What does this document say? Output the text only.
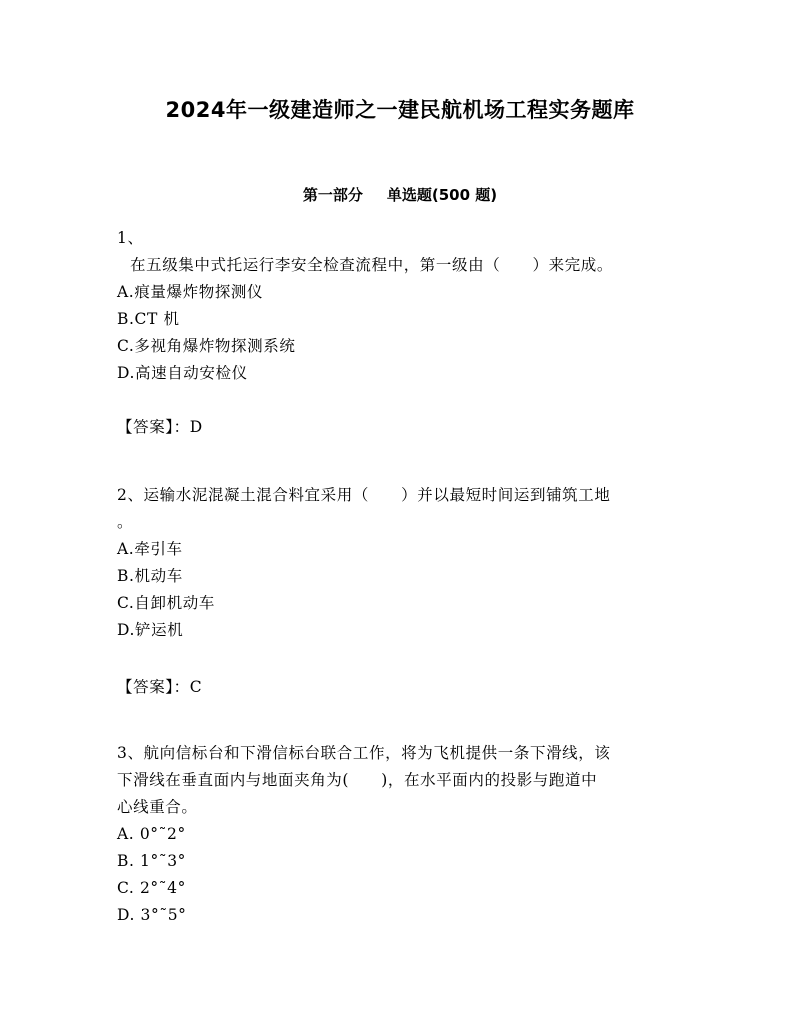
2024年一级建造师之一建民航机场工程实务题库
第一部分 单选题(500 题)
1、
在五级集中式托运行李安全检查流程中，第一级由（　　）来完成。
A.痕量爆炸物探测仪
B.CT 机
C.多视角爆炸物探测系统
D.高速自动安检仪
【答案】：D
2、运输水泥混凝土混合料宜采用（　　）并以最短时间运到铺筑工地
。
A.牵引车
B.机动车
C.自卸机动车
D.铲运机
【答案】：C
3、航向信标台和下滑信标台联合工作，将为飞机提供一条下滑线，该
下滑线在垂直面内与地面夹角为(　　)，在水平面内的投影与跑道中
心线重合。
A. 0°˜2°
B. 1°˜3°
C. 2°˜4°
D. 3°˜5°
